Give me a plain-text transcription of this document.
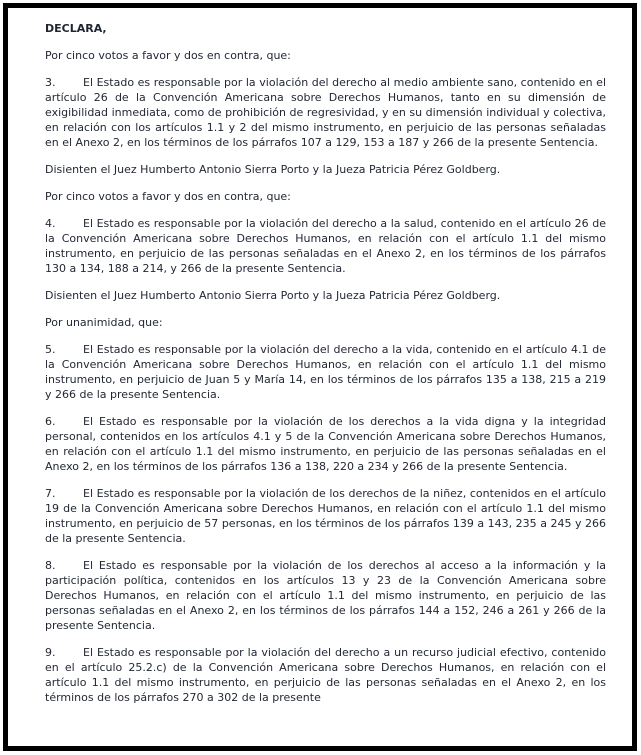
DECLARA,

Por cinco votos a favor y dos en contra, que:

3.	El Estado es responsable por la violación del derecho al medio ambiente sano, contenido en el artículo 26 de la Convención Americana sobre Derechos Humanos, tanto en su dimensión de exigibilidad inmediata, como de prohibición de regresividad, y en su dimensión individual y colectiva, en relación con los artículos 1.1 y 2 del mismo instrumento, en perjuicio de las personas señaladas en el Anexo 2, en los términos de los párrafos 107 a 129, 153 a 187 y 266 de la presente Sentencia.

Disienten el Juez Humberto Antonio Sierra Porto y la Jueza Patricia Pérez Goldberg.

Por cinco votos a favor y dos en contra, que:

4.	El Estado es responsable por la violación del derecho a la salud, contenido en el artículo 26 de la Convención Americana sobre Derechos Humanos, en relación con el artículo 1.1 del mismo instrumento, en perjuicio de las personas señaladas en el Anexo 2, en los términos de los párrafos 130 a 134, 188 a 214, y 266 de la presente Sentencia.

Disienten el Juez Humberto Antonio Sierra Porto y la Jueza Patricia Pérez Goldberg.

Por unanimidad, que:

5.	El Estado es responsable por la violación del derecho a la vida, contenido en el artículo 4.1 de la Convención Americana sobre Derechos Humanos, en relación con el artículo 1.1 del mismo instrumento, en perjuicio de Juan 5 y María 14, en los términos de los párrafos 135 a 138, 215 a 219 y 266 de la presente Sentencia.

6.	El Estado es responsable por la violación de los derechos a la vida digna y la integridad personal, contenidos en los artículos 4.1 y 5 de la Convención Americana sobre Derechos Humanos, en relación con el artículo 1.1 del mismo instrumento, en perjuicio de las personas señaladas en el Anexo 2, en los términos de los párrafos 136 a 138, 220 a 234 y 266 de la presente Sentencia.

7.	El Estado es responsable por la violación de los derechos de la niñez, contenidos en el artículo 19 de la Convención Americana sobre Derechos Humanos, en relación con el artículo 1.1 del mismo instrumento, en perjuicio de 57 personas, en los términos de los párrafos 139 a 143, 235 a 245 y 266 de la presente Sentencia.

8.	El Estado es responsable por la violación de los derechos al acceso a la información y la participación política, contenidos en los artículos 13 y 23 de la Convención Americana sobre Derechos Humanos, en relación con el artículo 1.1 del mismo instrumento, en perjuicio de las personas señaladas en el Anexo 2, en los términos de los párrafos 144 a 152, 246 a 261 y 266 de la presente Sentencia.

9.	El Estado es responsable por la violación del derecho a un recurso judicial efectivo, contenido en el artículo 25.2.c) de la Convención Americana sobre Derechos Humanos, en relación con el artículo 1.1 del mismo instrumento, en perjuicio de las personas señaladas en el Anexo 2, en los términos de los párrafos 270 a 302 de la presente
